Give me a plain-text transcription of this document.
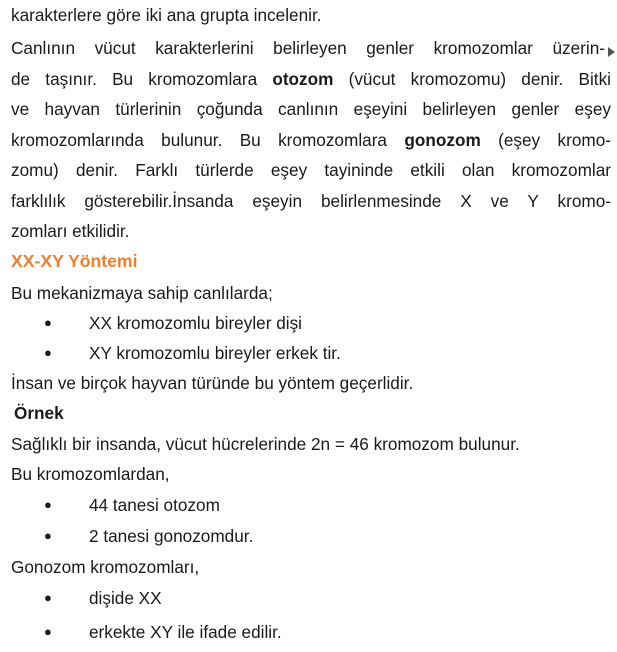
karakterlere göre iki ana grupta incelenir.
Canlının vücut karakterlerini belirleyen genler kromozomlar üzerin-
de taşınır. Bu kromozomlara otozom (vücut kromozomu) denir. Bitki
ve hayvan türlerinin çoğunda canlının eşeyini belirleyen genler eşey
kromozomlarında bulunur. Bu kromozomlara gonozom (eşey kromo-
zomu) denir. Farklı türlerde eşey tayininde etkili olan kromozomlar
farklılık gösterebilir.İnsanda eşeyin belirlenmesinde X ve Y kromo-
zomları etkilidir.
XX-XY Yöntemi
Bu mekanizmaya sahip canlılarda;
● XX kromozomlu bireyler dişi
● XY kromozomlu bireyler erkek tir.
İnsan ve birçok hayvan türünde bu yöntem geçerlidir.
Örnek
Sağlıklı bir insanda, vücut hücrelerinde 2n = 46 kromozom bulunur.
Bu kromozomlardan,
● 44 tanesi otozom
● 2 tanesi gonozomdur.
Gonozom kromozomları,
● dişide XX
● erkekte XY ile ifade edilir.
